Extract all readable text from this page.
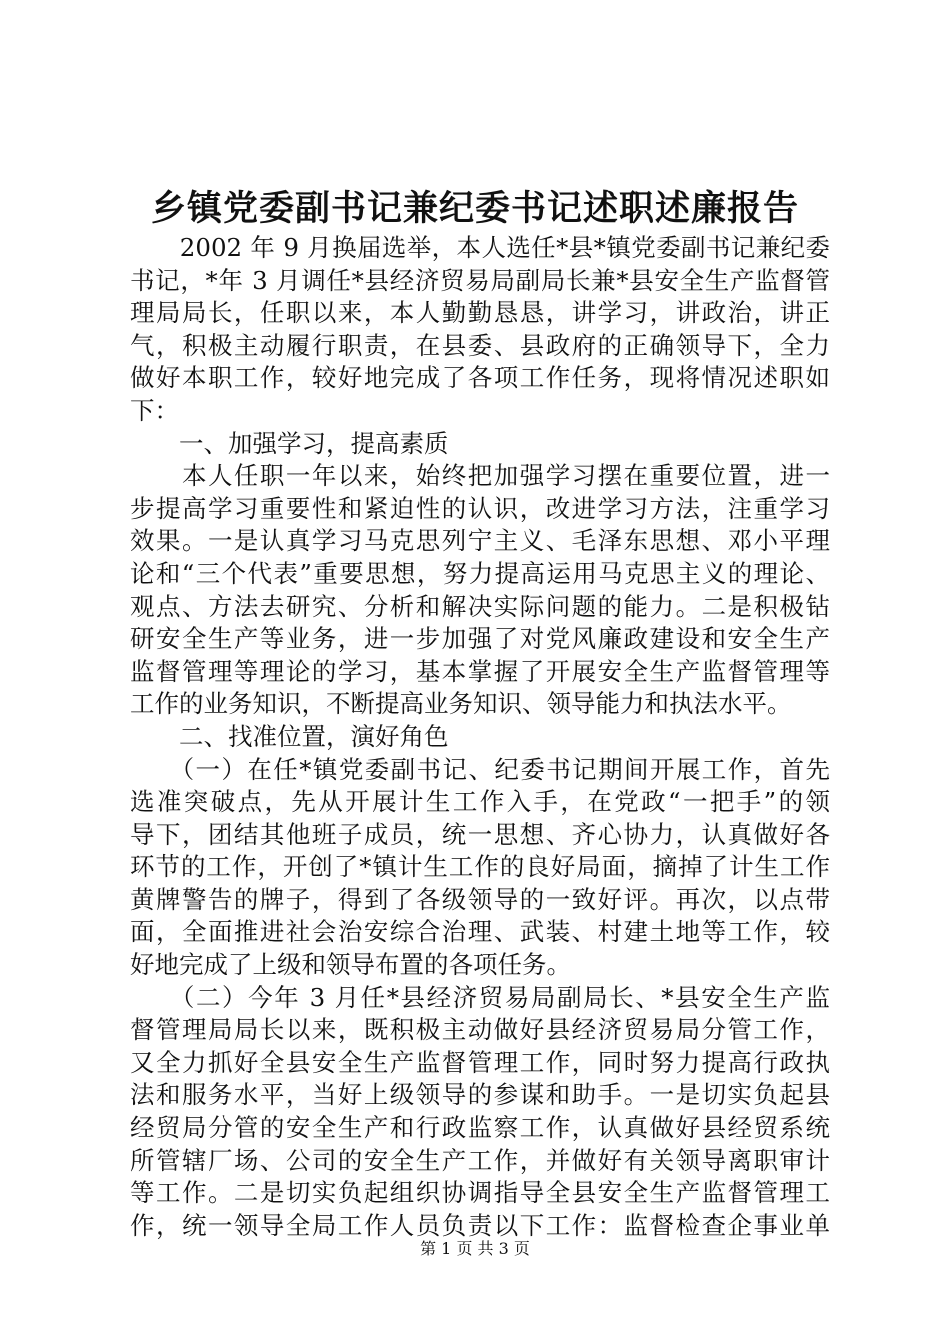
乡镇党委副书记兼纪委书记述职述廉报告
　　2002 年 9 月换届选举，本人选任*县*镇党委副书记兼纪委
书记，*年 3 月调任*县经济贸易局副局长兼*县安全生产监督管
理局局长，任职以来，本人勤勤恳恳，讲学习，讲政治，讲正
气，积极主动履行职责，在县委、县政府的正确领导下，全力
做好本职工作，较好地完成了各项工作任务，现将情况述职如
下：
　　一、加强学习，提高素质
　　本人任职一年以来，始终把加强学习摆在重要位置，进一
步提高学习重要性和紧迫性的认识，改进学习方法，注重学习
效果。一是认真学习马克思列宁主义、毛泽东思想、邓小平理
论和“三个代表”重要思想，努力提高运用马克思主义的理论、
观点、方法去研究、分析和解决实际问题的能力。二是积极钻
研安全生产等业务，进一步加强了对党风廉政建设和安全生产
监督管理等理论的学习，基本掌握了开展安全生产监督管理等
工作的业务知识，不断提高业务知识、领导能力和执法水平。
　　二、找准位置，演好角色
　　（一）在任*镇党委副书记、纪委书记期间开展工作，首先
选准突破点，先从开展计生工作入手，在党政“一把手”的领
导下，团结其他班子成员，统一思想、齐心协力，认真做好各
环节的工作，开创了*镇计生工作的良好局面，摘掉了计生工作
黄牌警告的牌子，得到了各级领导的一致好评。再次，以点带
面，全面推进社会治安综合治理、武装、村建土地等工作，较
好地完成了上级和领导布置的各项任务。
　　（二）今年 3 月任*县经济贸易局副局长、*县安全生产监
督管理局局长以来，既积极主动做好县经济贸易局分管工作，
又全力抓好全县安全生产监督管理工作，同时努力提高行政执
法和服务水平，当好上级领导的参谋和助手。一是切实负起县
经贸局分管的安全生产和行政监察工作，认真做好县经贸系统
所管辖厂场、公司的安全生产工作，并做好有关领导离职审计
等工作。二是切实负起组织协调指导全县安全生产监督管理工
作，统一领导全局工作人员负责以下工作：监督检查企事业单
第 1 页 共 3 页
